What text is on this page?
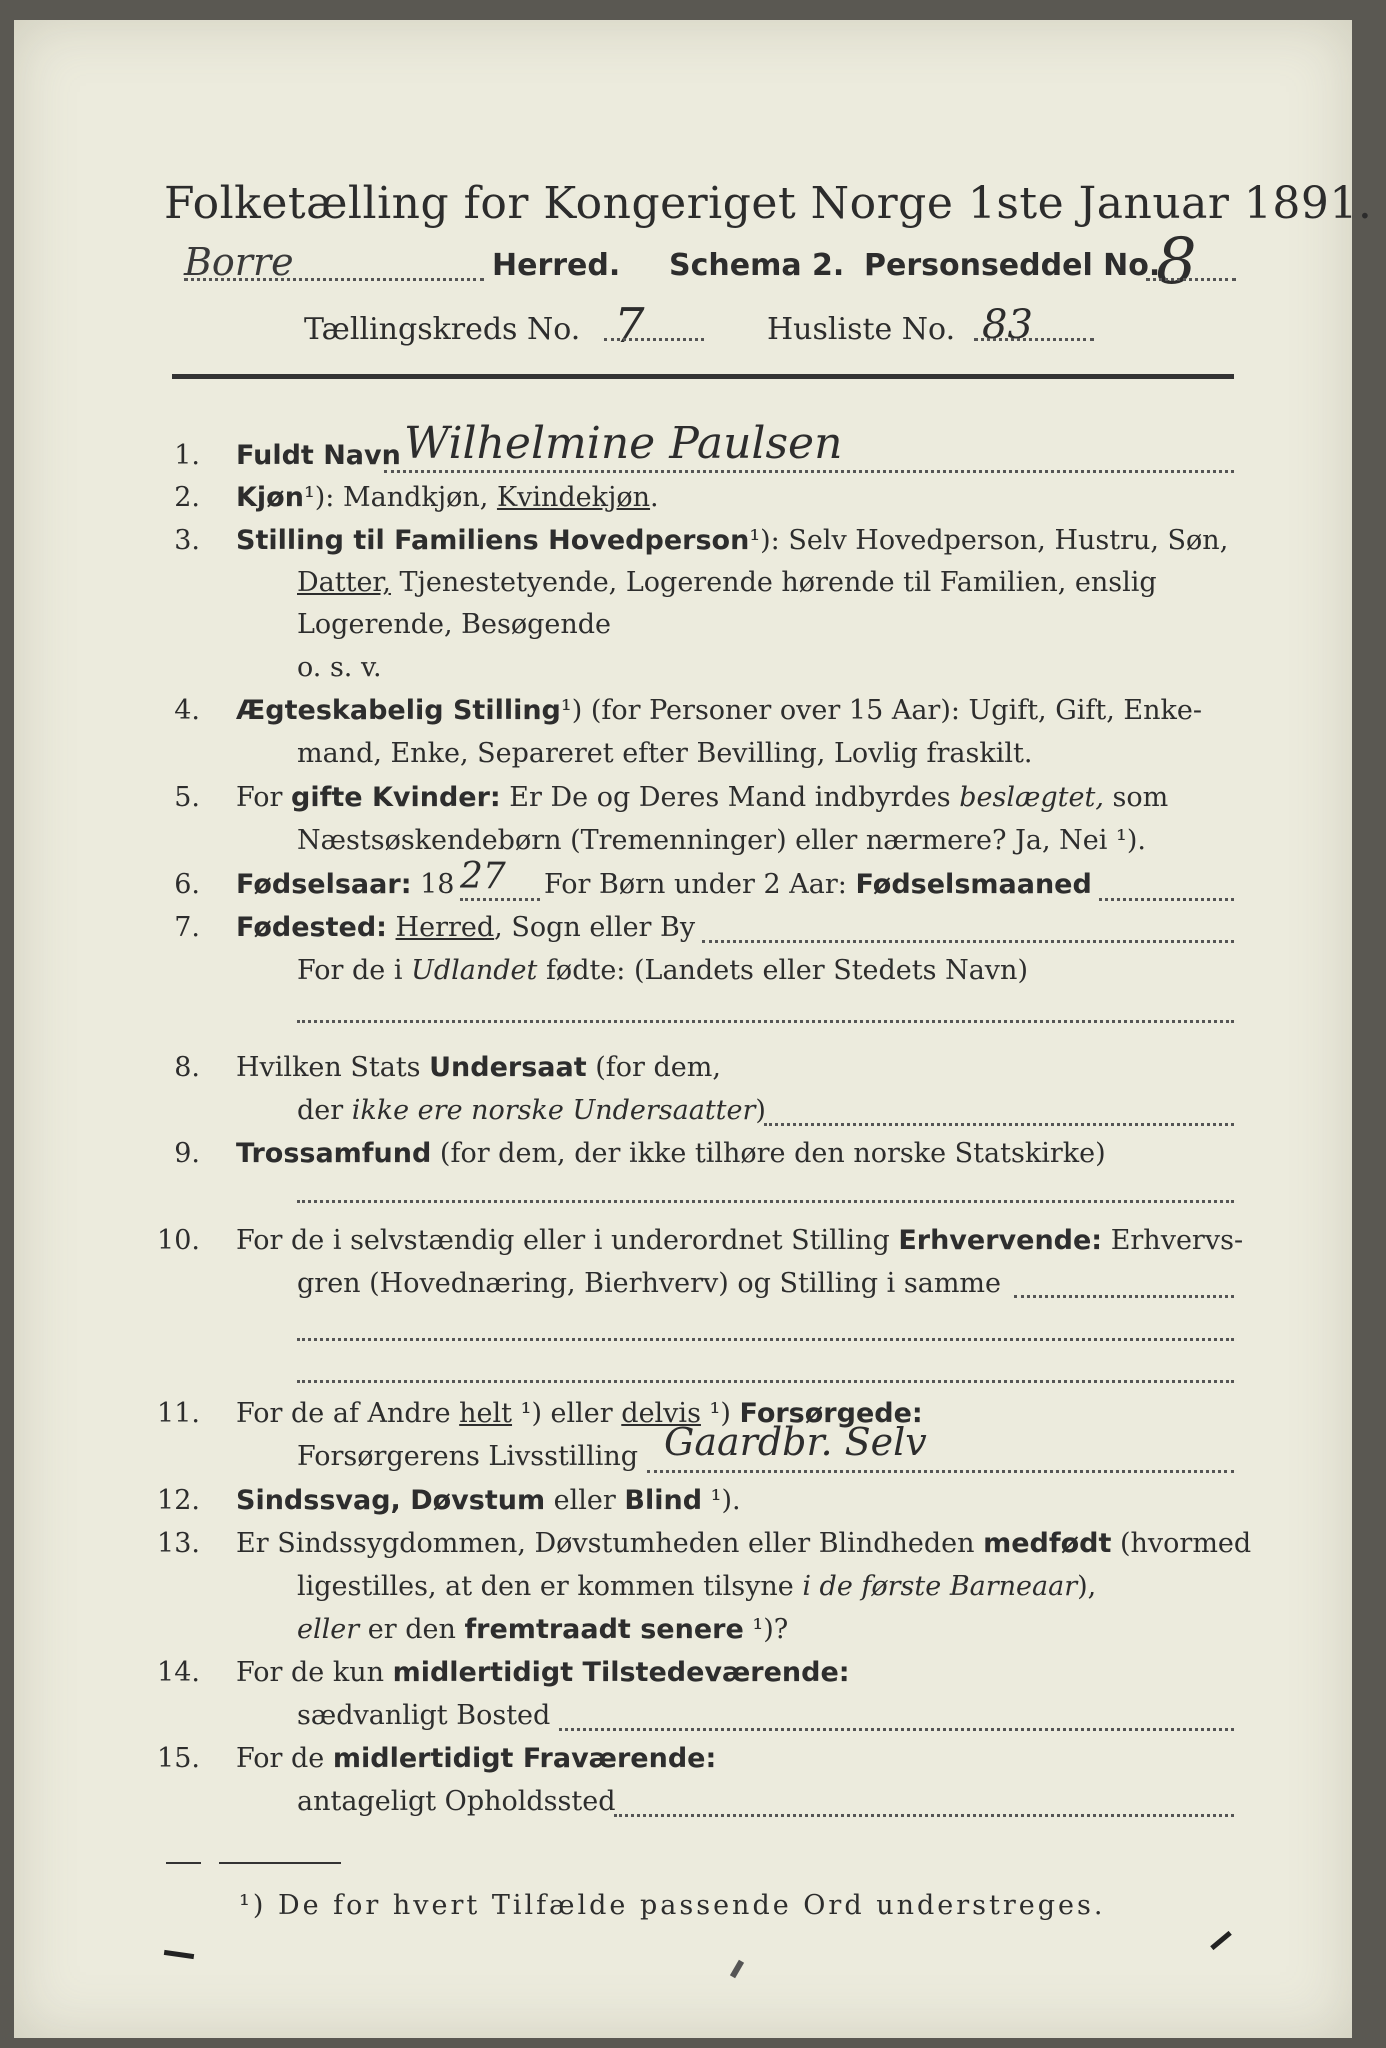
Folketælling for Kongeriget Norge 1ste Januar 1891.
Borre	Herred. Schema 2. Personseddel No.
8
Tællingskreds No. 7	Husliste No. 83
1. Fuldt Navn Wilhelmine Paulsen
2. Kjøn¹): Mandkjøn, Kvindekjøn.
3. Stilling til Familiens Hovedperson¹): Selv Hovedperson, Hustru, Søn,
Datter, Tjenestetyende, Logerende hørende til Familien, enslig
Logerende, Besøgende
o. s. v.
4. Ægteskabelig Stilling¹) (for Personer over 15 Aar): Ugift, Gift, Enke-
mand, Enke, Separeret efter Bevilling, Lovlig fraskilt.
5. For gifte Kvinder: Er De og Deres Mand indbyrdes beslægtet, som
Næstsøskendebørn (Tremenninger) eller nærmere? Ja, Nei ¹).
6. Fødselsaar: 18 27 For Børn under 2 Aar: Fødselsmaaned
7. Fødested: Herred, Sogn eller By
For de i Udlandet fødte: (Landets eller Stedets Navn)
8. Hvilken Stats Undersaat (for dem,
der ikke ere norske Undersaatter)
9. Trossamfund (for dem, der ikke tilhøre den norske Statskirke)
10. For de i selvstændig eller i underordnet Stilling Erhvervende: Erhvervs-
gren (Hovednæring, Bierhverv) og Stilling i samme
11. For de af Andre helt ¹) eller delvis ¹) Forsørgede:
Forsørgerens Livsstilling Gaardbr. Selv
12. Sindssvag, Døvstum eller Blind ¹).
13. Er Sindssygdommen, Døvstumheden eller Blindheden medfødt (hvormed
ligestilles, at den er kommen tilsyne i de første Barneaar),
eller er den fremtraadt senere ¹)?
14. For de kun midlertidigt Tilstedeværende:
sædvanligt Bosted
15. For de midlertidigt Fraværende:
antageligt Opholdssted
¹) De for hvert Tilfælde passende Ord understreges.
